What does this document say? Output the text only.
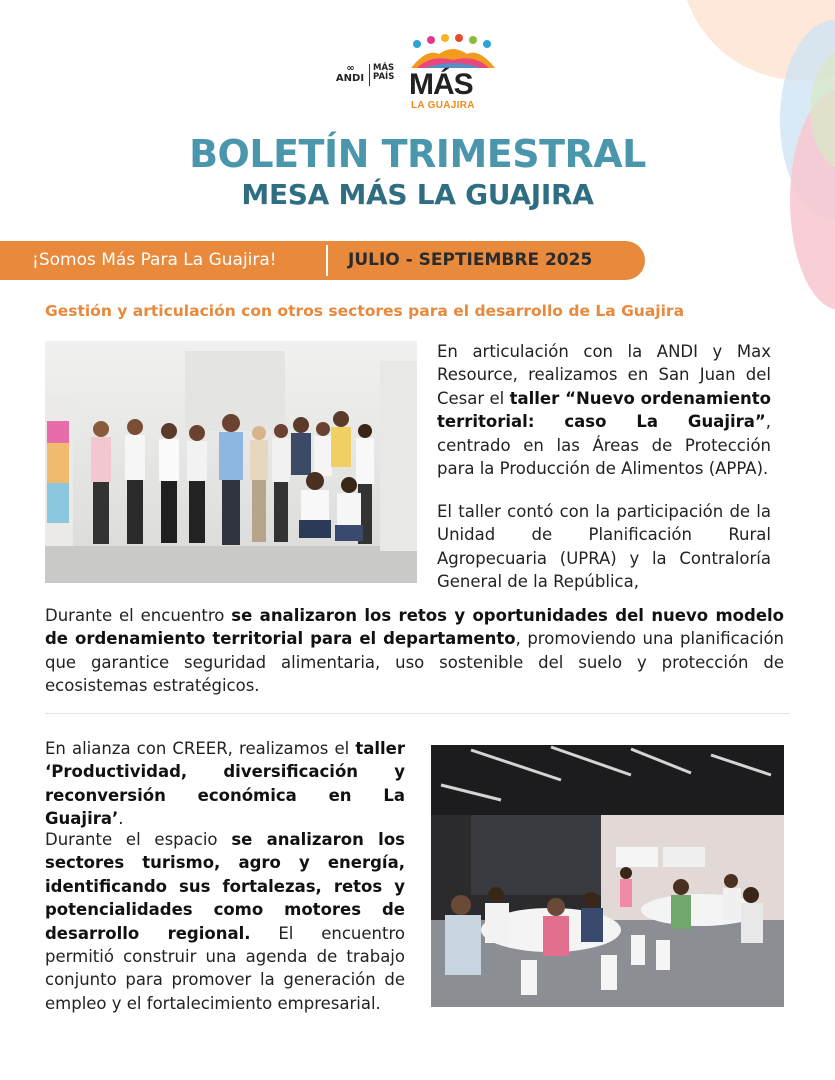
∞
ANDI
MÁS
PAÍS MÁS
LA GUAJIRA
BOLETÍN TRIMESTRAL
MESA MÁS LA GUAJIRA
¡Somos Más Para La Guajira!	JULIO - SEPTIEMBRE 2025
Gestión y articulación con otros sectores para el desarrollo de La Guajira

En articulación con la ANDI y Max Resource, realizamos en San Juan del Cesar el taller “Nuevo ordenamiento territorial: caso La Guajira”, centrado en las Áreas de Protección para la Producción de Alimentos (APPA).

El taller contó con la participación de la Unidad de Planificación Rural Agropecuaria (UPRA) y la Contraloría General de la República,

Durante el encuentro se analizaron los retos y oportunidades del nuevo modelo de ordenamiento territorial para el departamento, promoviendo una planificación que garantice seguridad alimentaria, uso sostenible del suelo y protección de ecosistemas estratégicos.

En alianza con CREER, realizamos el taller ‘Productividad, diversificación y reconversión económica en La Guajira’.

Durante el espacio se analizaron los sectores turismo, agro y energía, identificando sus fortalezas, retos y potencialidades como motores de desarrollo regional. El encuentro permitió construir una agenda de trabajo conjunto para promover la generación de empleo y el fortalecimiento empresarial.
